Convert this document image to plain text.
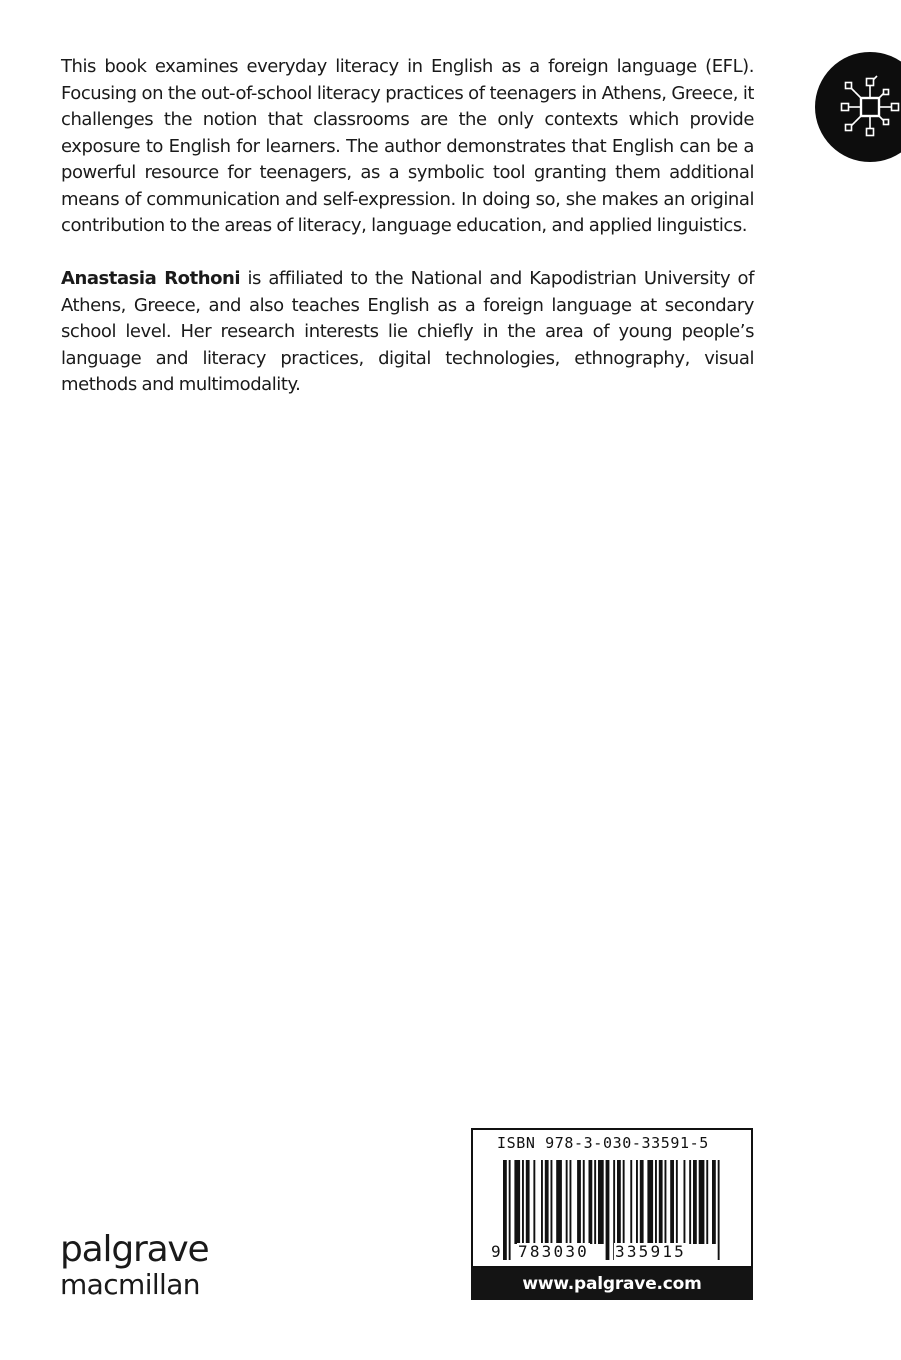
This book examines everyday literacy in English as a foreign language (EFL). Focusing on the out-of-school literacy practices of teenagers in Athens, Greece, it challenges the notion that classrooms are the only contexts which provide exposure to English for learners. The author demonstrates that English can be a powerful resource for teenagers, as a symbolic tool granting them additional means of communication and self-expression. In doing so, she makes an original contribution to the areas of literacy, language education, and applied linguistics.

Anastasia Rothoni is affiliated to the National and Kapodistrian University of Athens, Greece, and also teaches English as a foreign language at secondary school level. Her research interests lie chiefly in the area of young people’s language and literacy practices, digital technologies, ethnography, visual methods and multimodality.

palgrave
macmillan
ISBN 978-3-030-33591-5
9 783030 335915
www.palgrave.com
